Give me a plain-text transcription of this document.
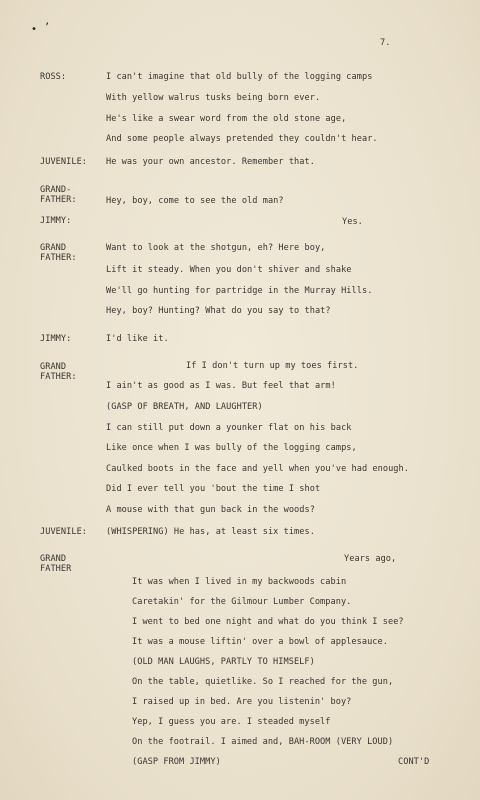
• ’
7.
ROSS:	I can't imagine that old bully of the logging camps
With yellow walrus tusks being born ever.
He's like a swear word from the old stone age,
And some people always pretended they couldn't hear.
JUVENILE: He was your own ancestor. Remember that.
GRAND-
FATHER:	Hey, boy, come to see the old man?
JIMMY:	Yes.
GRAND
FATHER:
Want to look at the shotgun, eh? Here boy,
Lift it steady. When you don't shiver and shake
We'll go hunting for partridge in the Murray Hills.
Hey, boy? Hunting? What do you say to that?
JIMMY:	I'd like it.
GRAND
FATHER:
If I don't turn up my toes first.
I ain't as good as I was. But feel that arm!
(GASP OF BREATH, AND LAUGHTER)
I can still put down a younker flat on his back
Like once when I was bully of the logging camps,
Caulked boots in the face and yell when you've had enough.
Did I ever tell you 'bout the time I shot
A mouse with that gun back in the woods?
JUVENILE: (WHISPERING) He has, at least six times.
GRAND
FATHER
Years ago,
It was when I lived in my backwoods cabin
Caretakin' for the Gilmour Lumber Company.
I went to bed one night and what do you think I see?
It was a mouse liftin' over a bowl of applesauce.
(OLD MAN LAUGHS, PARTLY TO HIMSELF)
On the table, quietlike. So I reached for the gun,
I raised up in bed. Are you listenin' boy?
Yep, I guess you are. I steaded myself
On the footrail. I aimed and, BAH-ROOM (VERY LOUD)
(GASP FROM JIMMY)	CONT'D
